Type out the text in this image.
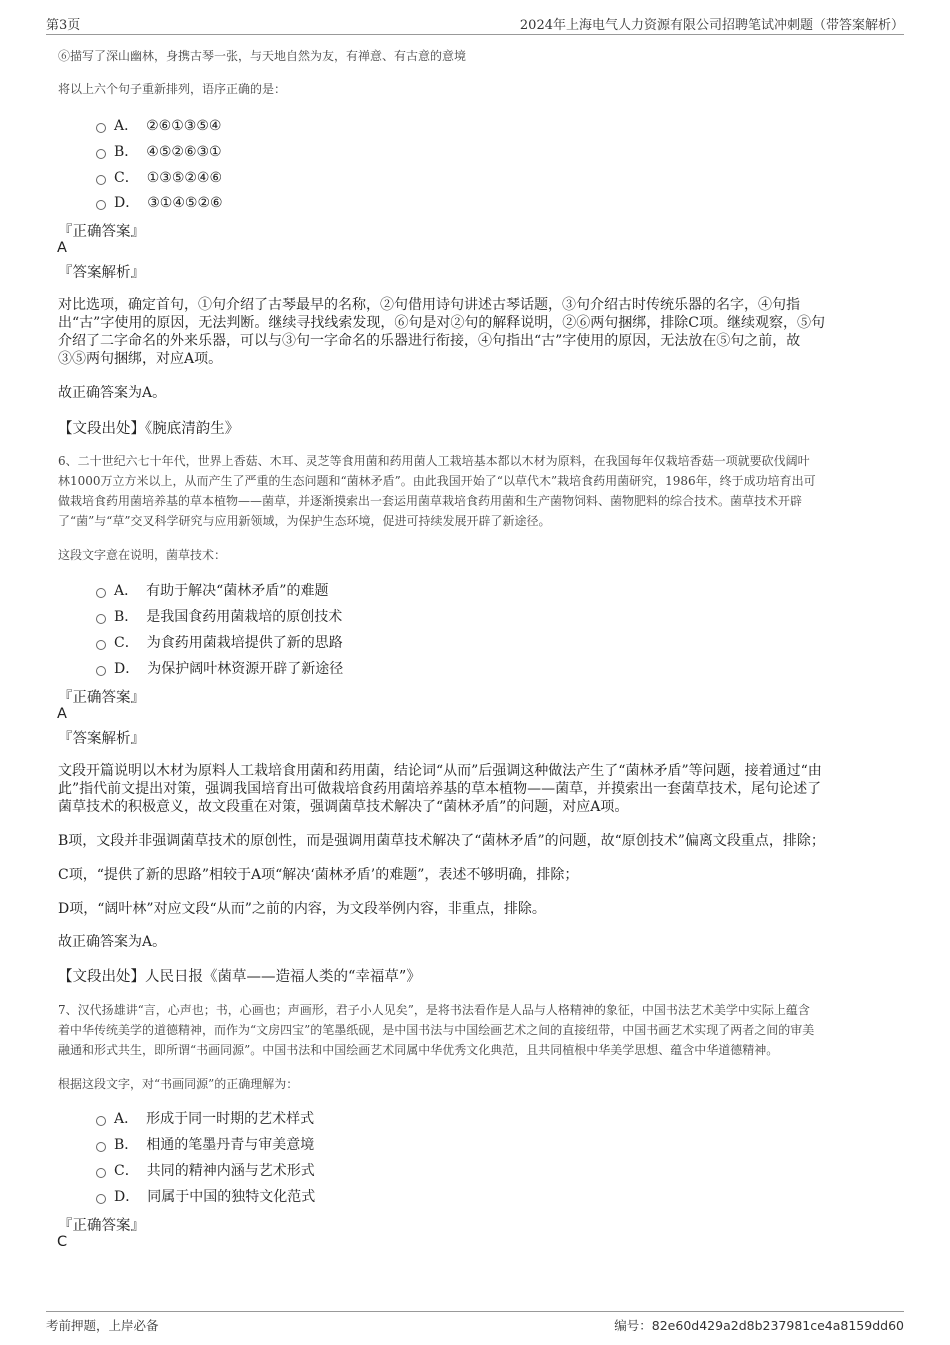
第3页	2024年上海电气人力资源有限公司招聘笔试冲刺题（带答案解析）
⑥描写了深山幽林，身携古琴一张，与天地自然为友，有禅意、有古意的意境
将以上六个句子重新排列，语序正确的是：
A． ②⑥①③⑤④
B． ④⑤②⑥③①
C． ①③⑤②④⑥
D． ③①④⑤②⑥
『正确答案』
A
『答案解析』
对比选项，确定首句，①句介绍了古琴最早的名称，②句借用诗句讲述古琴话题，③句介绍古时传统乐器的名字，④句指
出“古”字使用的原因，无法判断。继续寻找线索发现，⑥句是对②句的解释说明，②⑥两句捆绑，排除C项。继续观察，⑤句
介绍了二字命名的外来乐器，可以与③句一字命名的乐器进行衔接，④句指出“古”字使用的原因，无法放在⑤句之前，故
③⑤两句捆绑，对应A项。
故正确答案为A。
【文段出处】《腕底清韵生》
6、二十世纪六七十年代，世界上香菇、木耳、灵芝等食用菌和药用菌人工栽培基本都以木材为原料，在我国每年仅栽培香菇一项就要砍伐阔叶
林1000万立方米以上，从而产生了严重的生态问题和“菌林矛盾”。由此我国开始了“以草代木”栽培食药用菌研究，1986年，终于成功培育出可
做栽培食药用菌培养基的草本植物——菌草，并逐渐摸索出一套运用菌草栽培食药用菌和生产菌物饲料、菌物肥料的综合技术。菌草技术开辟
了“菌”与“草”交叉科学研究与应用新领域，为保护生态环境，促进可持续发展开辟了新途径。
这段文字意在说明，菌草技术：
A． 有助于解决“菌林矛盾”的难题
B． 是我国食药用菌栽培的原创技术
C． 为食药用菌栽培提供了新的思路
D． 为保护阔叶林资源开辟了新途径
『正确答案』
A
『答案解析』
文段开篇说明以木材为原料人工栽培食用菌和药用菌，结论词“从而”后强调这种做法产生了“菌林矛盾”等问题，接着通过“由
此”指代前文提出对策，强调我国培育出可做栽培食药用菌培养基的草本植物——菌草，并摸索出一套菌草技术，尾句论述了
菌草技术的积极意义，故文段重在对策，强调菌草技术解决了“菌林矛盾”的问题，对应A项。
B项，文段并非强调菌草技术的原创性，而是强调用菌草技术解决了“菌林矛盾”的问题，故“原创技术”偏离文段重点，排除；
C项，“提供了新的思路”相较于A项“解决‘菌林矛盾’的难题”，表述不够明确，排除；
D项，“阔叶林”对应文段“从而”之前的内容，为文段举例内容，非重点，排除。
故正确答案为A。
【文段出处】人民日报《菌草——造福人类的“幸福草”》
7、汉代扬雄讲“言，心声也；书，心画也；声画形，君子小人见矣”，是将书法看作是人品与人格精神的象征，中国书法艺术美学中实际上蕴含
着中华传统美学的道德精神，而作为“文房四宝”的笔墨纸砚，是中国书法与中国绘画艺术之间的直接纽带，中国书画艺术实现了两者之间的审美
融通和形式共生，即所谓“书画同源”。中国书法和中国绘画艺术同属中华优秀文化典范，且共同植根中华美学思想、蕴含中华道德精神。
根据这段文字，对“书画同源”的正确理解为：
A． 形成于同一时期的艺术样式
B． 相通的笔墨丹青与审美意境
C． 共同的精神内涵与艺术形式
D． 同属于中国的独特文化范式
『正确答案』
C
考前押题，上岸必备	编号：82e60d429a2d8b237981ce4a8159dd60
